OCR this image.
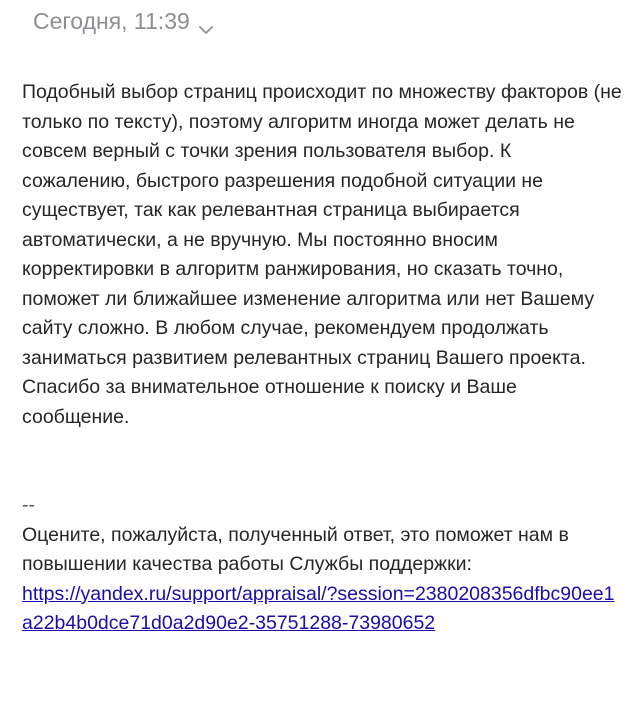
Сегодня, 11:39

Подобный выбор страниц происходит по множеству факторов (не только по тексту), поэтому алгоритм иногда может делать не совсем верный с точки зрения пользователя выбор. К сожалению, быстрого разрешения подобной ситуации не существует, так как релевантная страница выбирается автоматически, а не вручную. Мы постоянно вносим корректировки в алгоритм ранжирования, но сказать точно, поможет ли ближайшее изменение алгоритма или нет Вашему сайту сложно. В любом случае, рекомендуем продолжать заниматься развитием релевантных страниц Вашего проекта. Спасибо за внимательное отношение к поиску и Ваше сообщение.

--

Оцените, пожалуйста, полученный ответ, это поможет нам в повышении качества работы Службы поддержки:

https://yandex.ru/support/appraisal/?session=2380208356dfbc90ee1a22b4b0dce71d0a2d90e2-35751288-73980652
